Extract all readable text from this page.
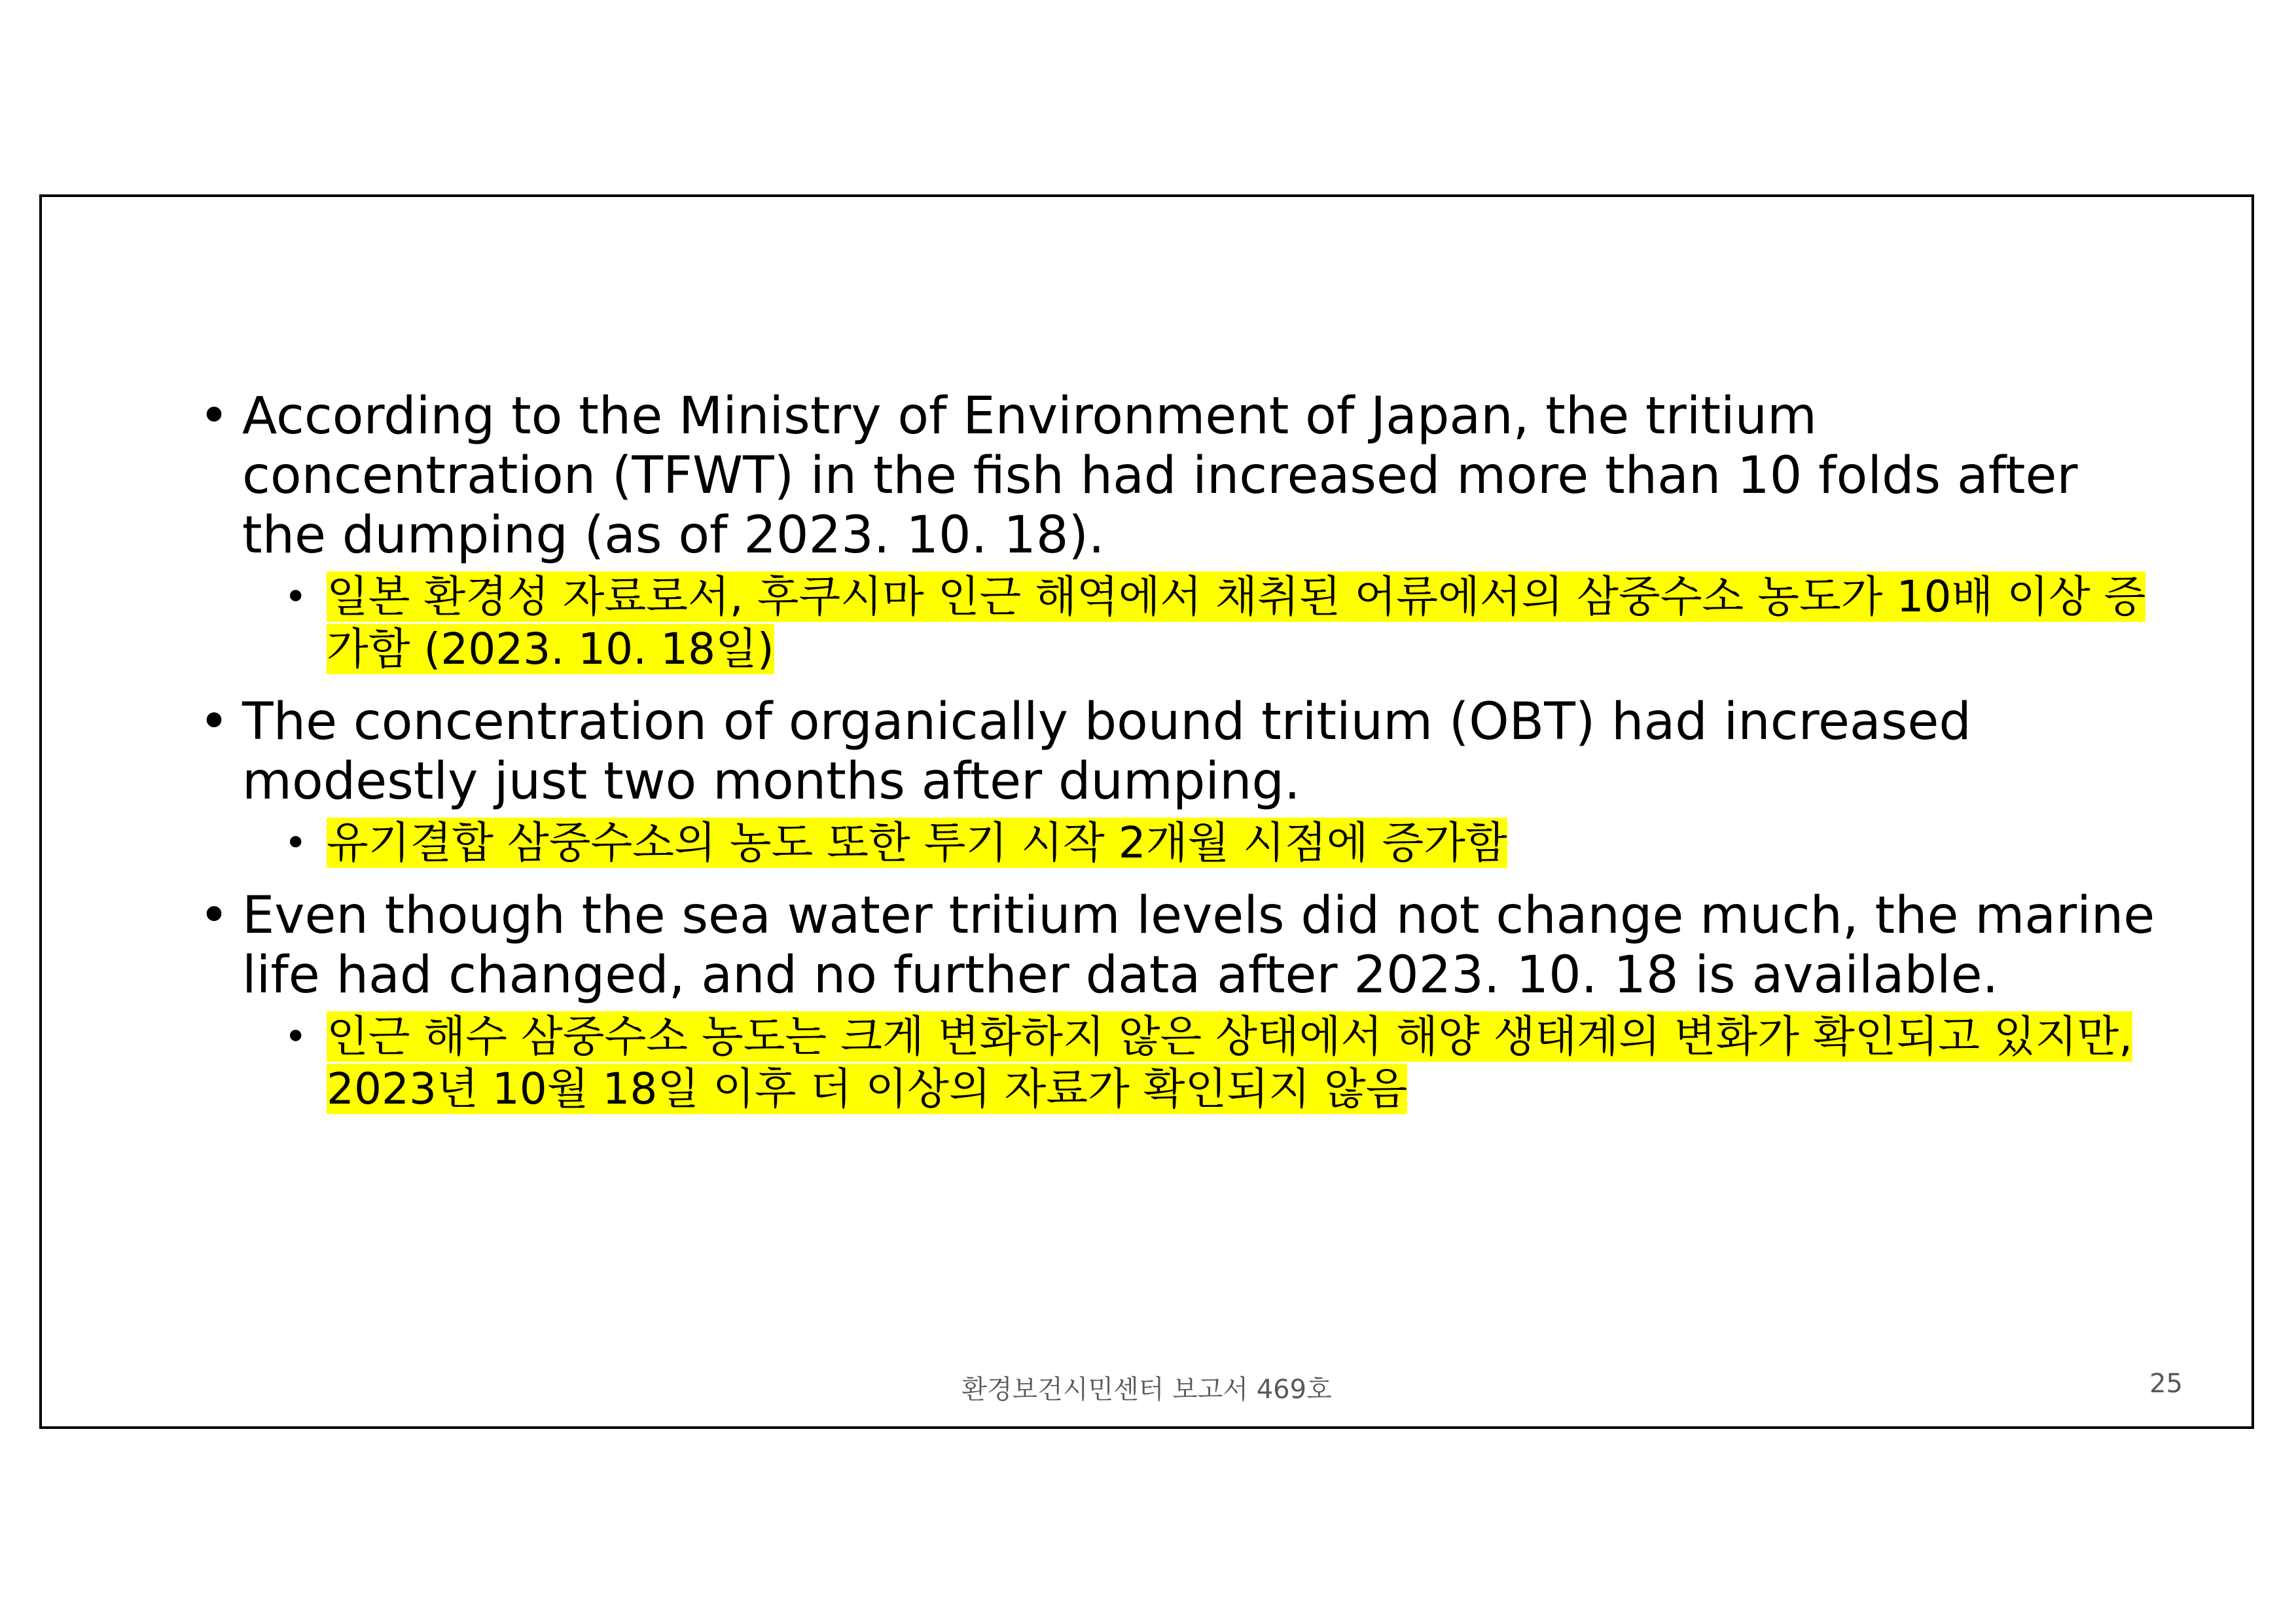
• According to the Ministry of Environment of Japan, the tritium concentration (TFWT) in the fish had increased more than 10 folds after the dumping (as of 2023. 10. 18).
• 일본 환경성 자료로서, 후쿠시마 인근 해역에서 채취된 어류에서의 삼중수소 농도가 10배 이상 증가함 (2023. 10. 18일)
• The concentration of organically bound tritium (OBT) had increased modestly just two months after dumping.
• 유기결합 삼중수소의 농도 또한 투기 시작 2개월 시점에 증가함
• Even though the sea water tritium levels did not change much, the marine life had changed, and no further data after 2023. 10. 18 is available.
• 인근 해수 삼중수소 농도는 크게 변화하지 않은 상태에서 해양 생태계의 변화가 확인되고 있지만, 2023년 10월 18일 이후 더 이상의 자료가 확인되지 않음
환경보건시민센터 보고서 469호	25
